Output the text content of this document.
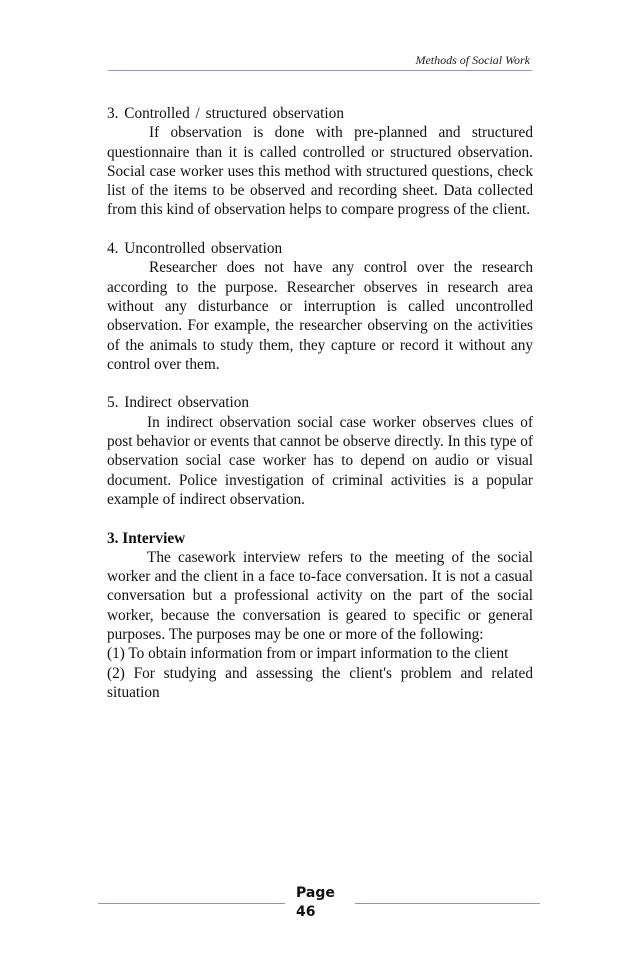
Methods of Social Work

3. Controlled / structured observation

If observation is done with pre-planned and structured questionnaire than it is called controlled or structured observation. Social case worker uses this method with structured questions, check list of the items to be observed and recording sheet. Data collected from this kind of observation helps to compare progress of the client.

4. Uncontrolled observation

Researcher does not have any control over the research according to the purpose. Researcher observes in research area without any disturbance or interruption is called uncontrolled observation. For example, the researcher observing on the activities of the animals to study them, they capture or record it without any control over them.

5. Indirect observation

In indirect observation social case worker observes clues of post behavior or events that cannot be observe directly. In this type of observation social case worker has to depend on audio or visual document. Police investigation of criminal activities is a popular example of indirect observation.

3. Interview

The casework interview refers to the meeting of the social worker and the client in a face to-face conversation. It is not a casual conversation but a professional activity on the part of the social worker, because the conversation is geared to specific or general purposes. The purposes may be one or more of the following:

(1) To obtain information from or impart information to the client

(2) For studying and assessing the client's problem and related situation

Page
46
